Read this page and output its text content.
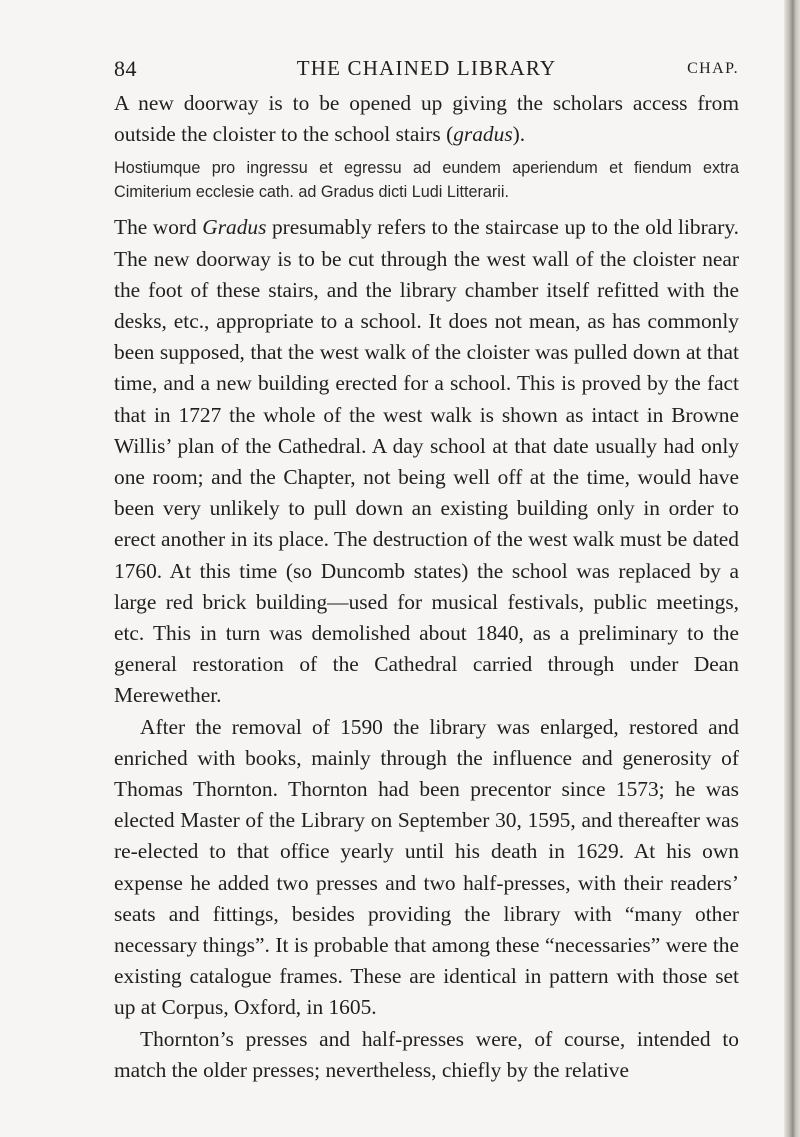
84	THE CHAINED LIBRARY	CHAP.

A new doorway is to be opened up giving the scholars access from outside the cloister to the school stairs (gradus).

Hostiumque pro ingressu et egressu ad eundem aperiendum et fiendum extra Cimiterium ecclesie cath. ad Gradus dicti Ludi Litterarii.

The word Gradus presumably refers to the staircase up to the old library. The new doorway is to be cut through the west wall of the cloister near the foot of these stairs, and the library chamber itself refitted with the desks, etc., appropriate to a school. It does not mean, as has commonly been supposed, that the west walk of the cloister was pulled down at that time, and a new building erected for a school. This is proved by the fact that in 1727 the whole of the west walk is shown as intact in Browne Willis’ plan of the Cathedral. A day school at that date usually had only one room; and the Chapter, not being well off at the time, would have been very unlikely to pull down an existing building only in order to erect another in its place. The destruction of the west walk must be dated 1760. At this time (so Duncomb states) the school was replaced by a large red brick building—used for musical festivals, public meetings, etc. This in turn was demolished about 1840, as a preliminary to the general restoration of the Cathedral carried through under Dean Merewether.

After the removal of 1590 the library was enlarged, restored and enriched with books, mainly through the influence and generosity of Thomas Thornton. Thornton had been precentor since 1573; he was elected Master of the Library on September 30, 1595, and thereafter was re-elected to that office yearly until his death in 1629. At his own expense he added two presses and two half-presses, with their readers’ seats and fittings, besides providing the library with “many other necessary things”. It is probable that among these “necessaries” were the existing catalogue frames. These are identical in pattern with those set up at Corpus, Oxford, in 1605.

Thornton’s presses and half-presses were, of course, intended to match the older presses; nevertheless, chiefly by the relative
